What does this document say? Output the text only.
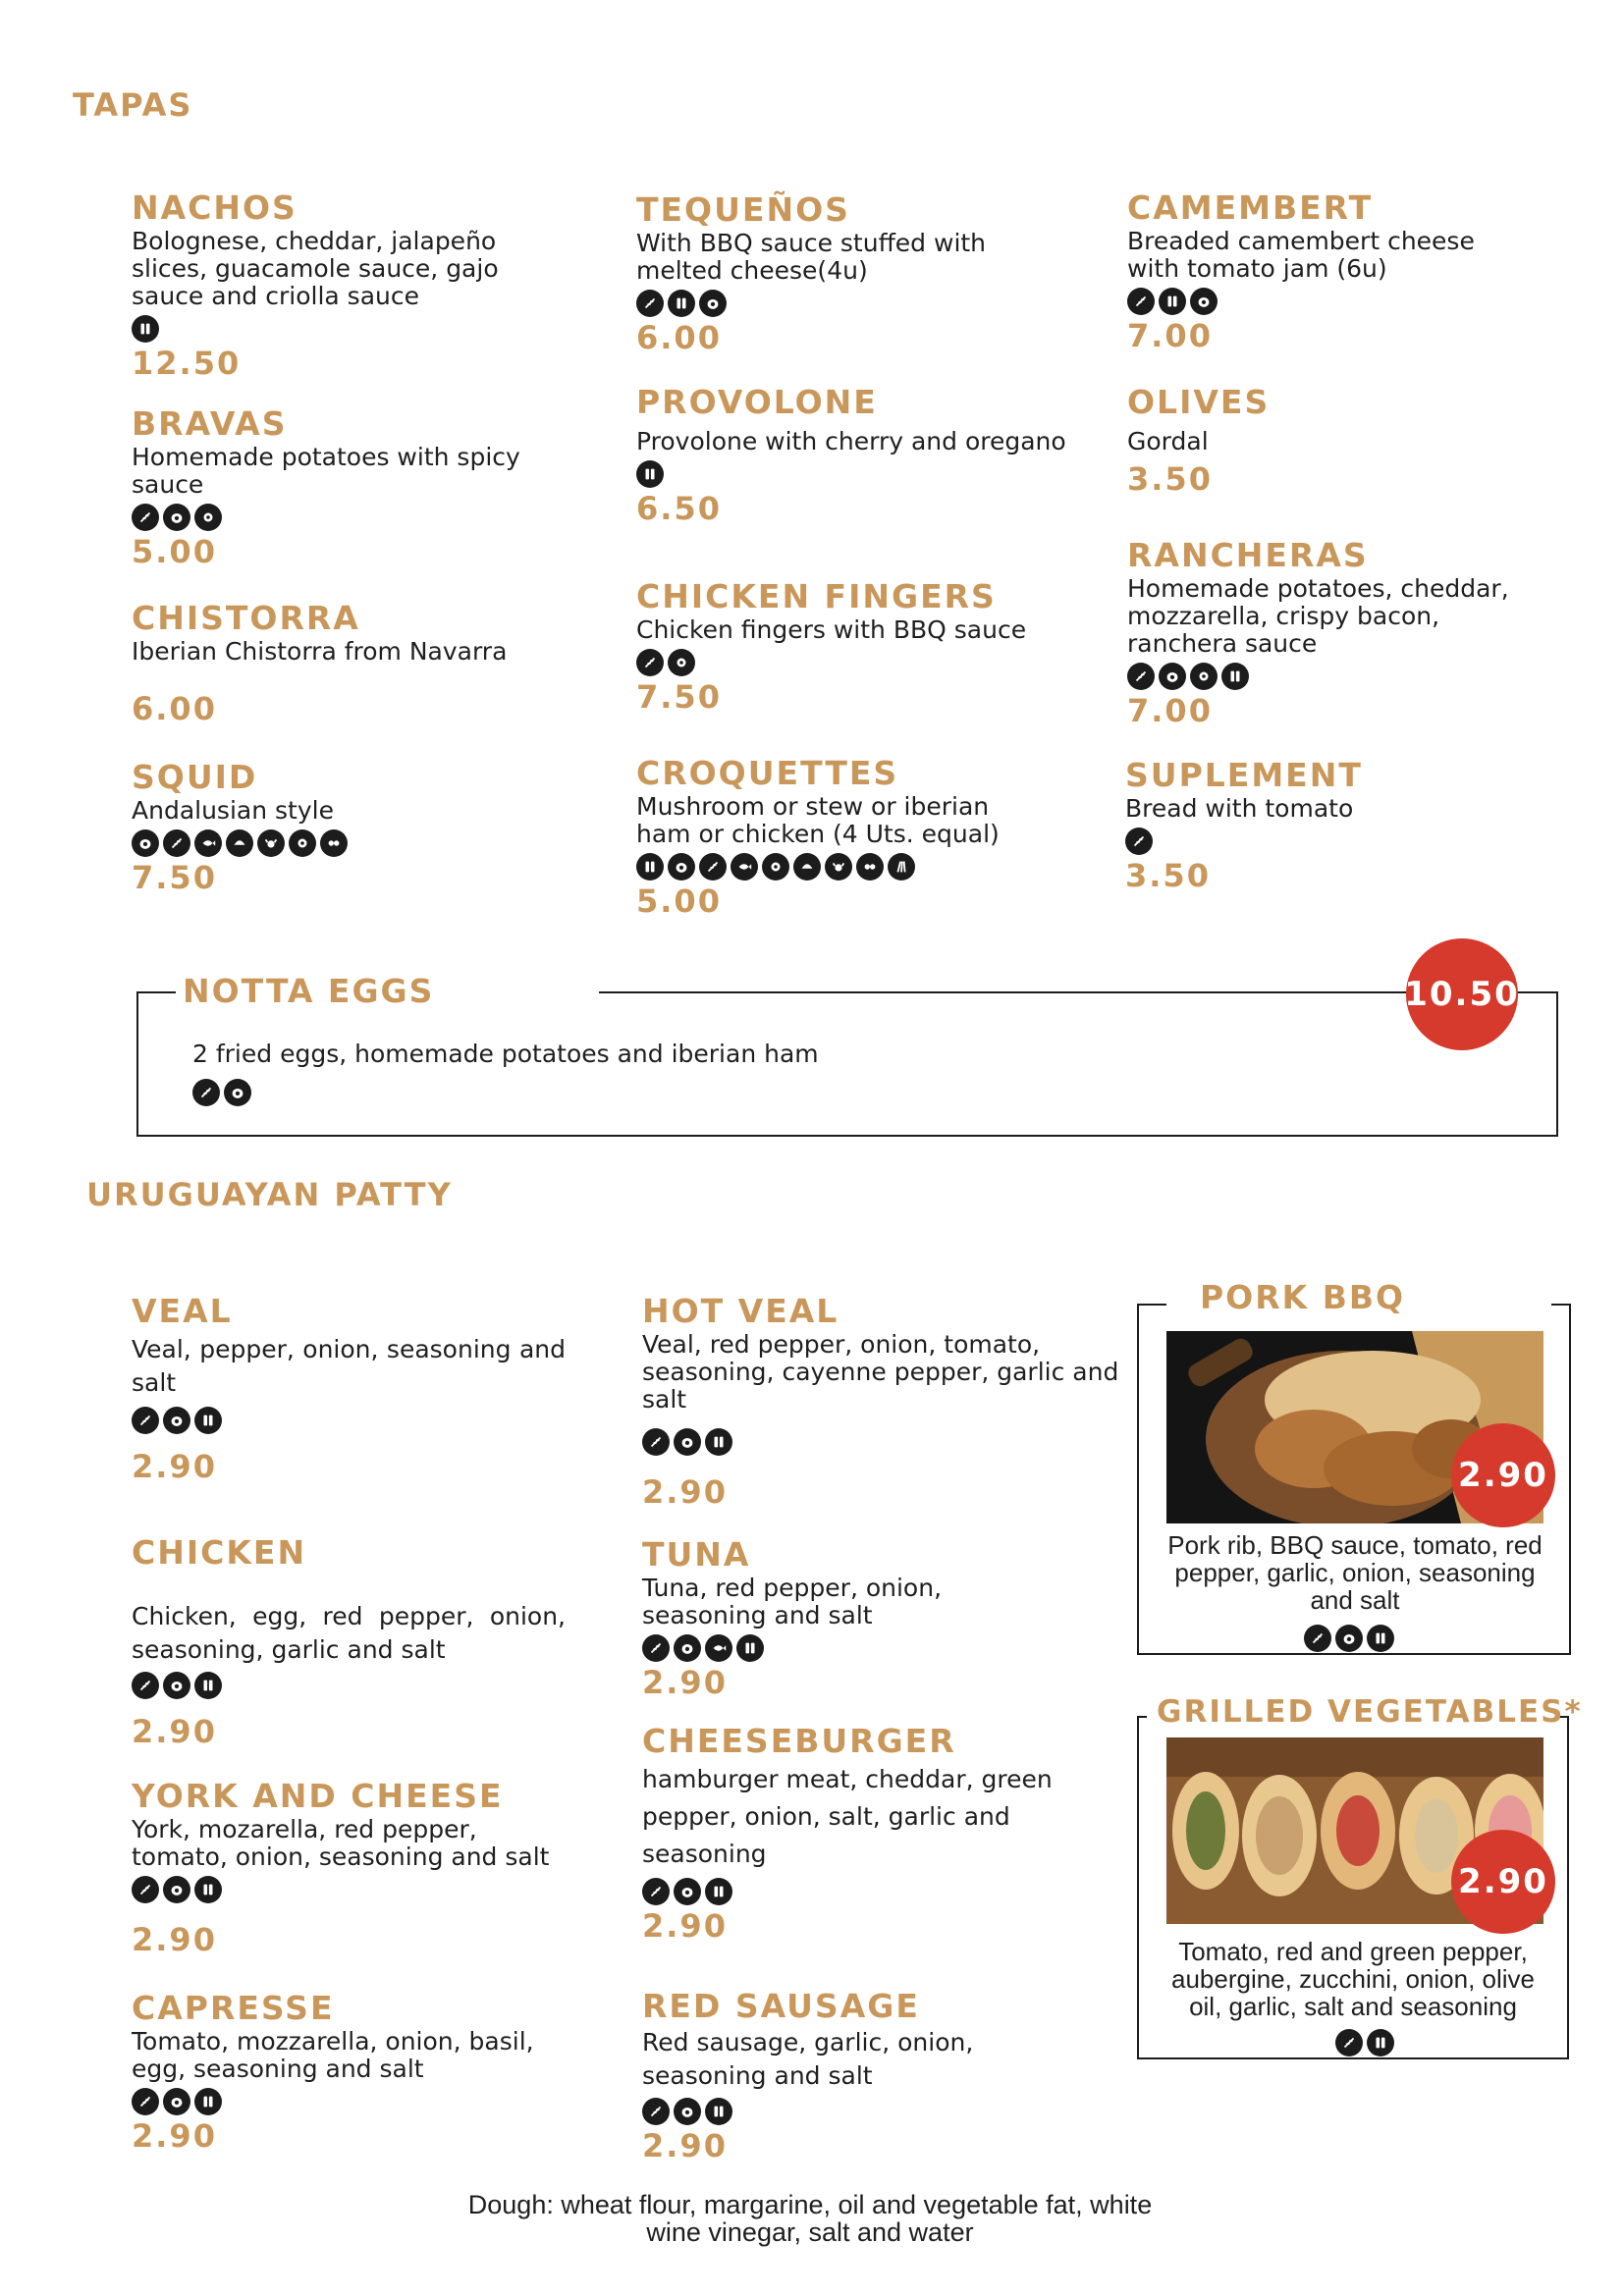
TAPAS
NACHOS
Bolognese, cheddar, jalapeño slices, guacamole sauce, gajo sauce and criolla sauce
12.50
BRAVAS
Homemade potatoes with spicy sauce
5.00
CHISTORRA
Iberian Chistorra from Navarra
6.00
SQUID
Andalusian style
7.50
TEQUEÑOS
With BBQ sauce stuffed with melted cheese(4u)
6.00
PROVOLONE
Provolone with cherry and oregano
6.50
CHICKEN FINGERS
Chicken fingers with BBQ sauce
7.50
CROQUETTES
Mushroom or stew or iberian ham or chicken (4 Uts. equal)
5.00
CAMEMBERT
Breaded camembert cheese with tomato jam (6u)
7.00
OLIVES
Gordal
3.50
RANCHERAS
Homemade potatoes, cheddar, mozzarella, crispy bacon, ranchera sauce
7.00
SUPLEMENT
Bread with tomato
3.50
NOTTA EGGS
2 fried eggs, homemade potatoes and iberian ham
10.50
URUGUAYAN PATTY
VEAL
Veal, pepper, onion, seasoning and salt
2.90
CHICKEN
Chicken, egg, red pepper, onion, seasoning, garlic and salt
2.90
YORK AND CHEESE
York, mozarella, red pepper, tomato, onion, seasoning and salt
2.90
CAPRESSE
Tomato, mozzarella, onion, basil, egg, seasoning and salt
2.90
HOT VEAL
Veal, red pepper, onion, tomato, seasoning, cayenne pepper, garlic and salt
2.90
TUNA
Tuna, red pepper, onion, seasoning and salt
2.90
CHEESEBURGER
hamburger meat, cheddar, green pepper, onion, salt, garlic and seasoning
2.90
RED SAUSAGE
Red sausage, garlic, onion, seasoning and salt
2.90
PORK BBQ
2.90
Pork rib, BBQ sauce, tomato, red pepper, garlic, onion, seasoning and salt
GRILLED VEGETABLES*
2.90
Tomato, red and green pepper, aubergine, zucchini, onion, olive oil, garlic, salt and seasoning
Dough: wheat flour, margarine, oil and vegetable fat, white wine vinegar, salt and water
